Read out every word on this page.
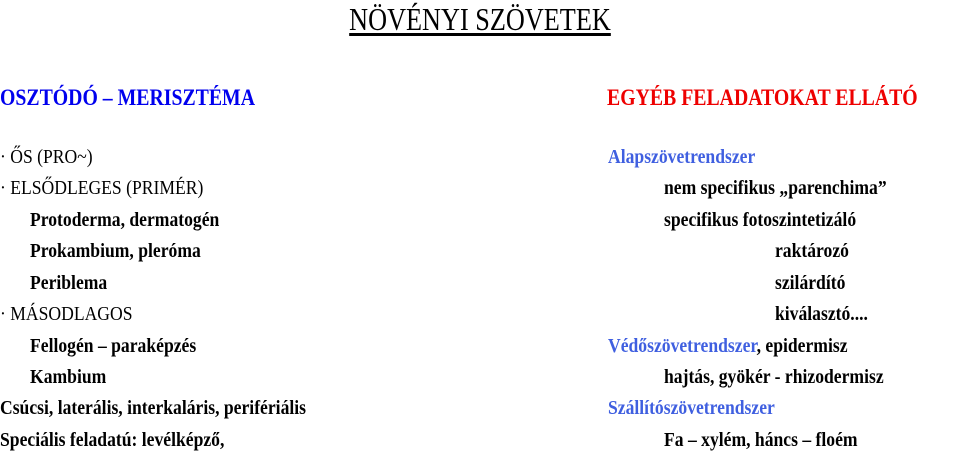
NÖVÉNYI SZÖVETEK
OSZTÓDÓ – MERISZTÉMA
· ŐS (PRO~)
· ELSŐDLEGES (PRIMÉR)
Protoderma, dermatogén
Prokambium, pleróma
Periblema
· MÁSODLAGOS
Fellogén – paraképzés
Kambium
Csúcsi, laterális, interkaláris, perifériális
Speciális feladatú: levélképző,
EGYÉB FELADATOKAT ELLÁTÓ
Alapszövetrendszer
nem specifikus „parenchima”
specifikus fotoszintetizáló
raktározó
szilárdító
kiválasztó....
Védőszövetrendszer, epidermisz
hajtás, gyökér - rhizodermisz
Szállítószövetrendszer
Fa – xylém, háncs – floém
